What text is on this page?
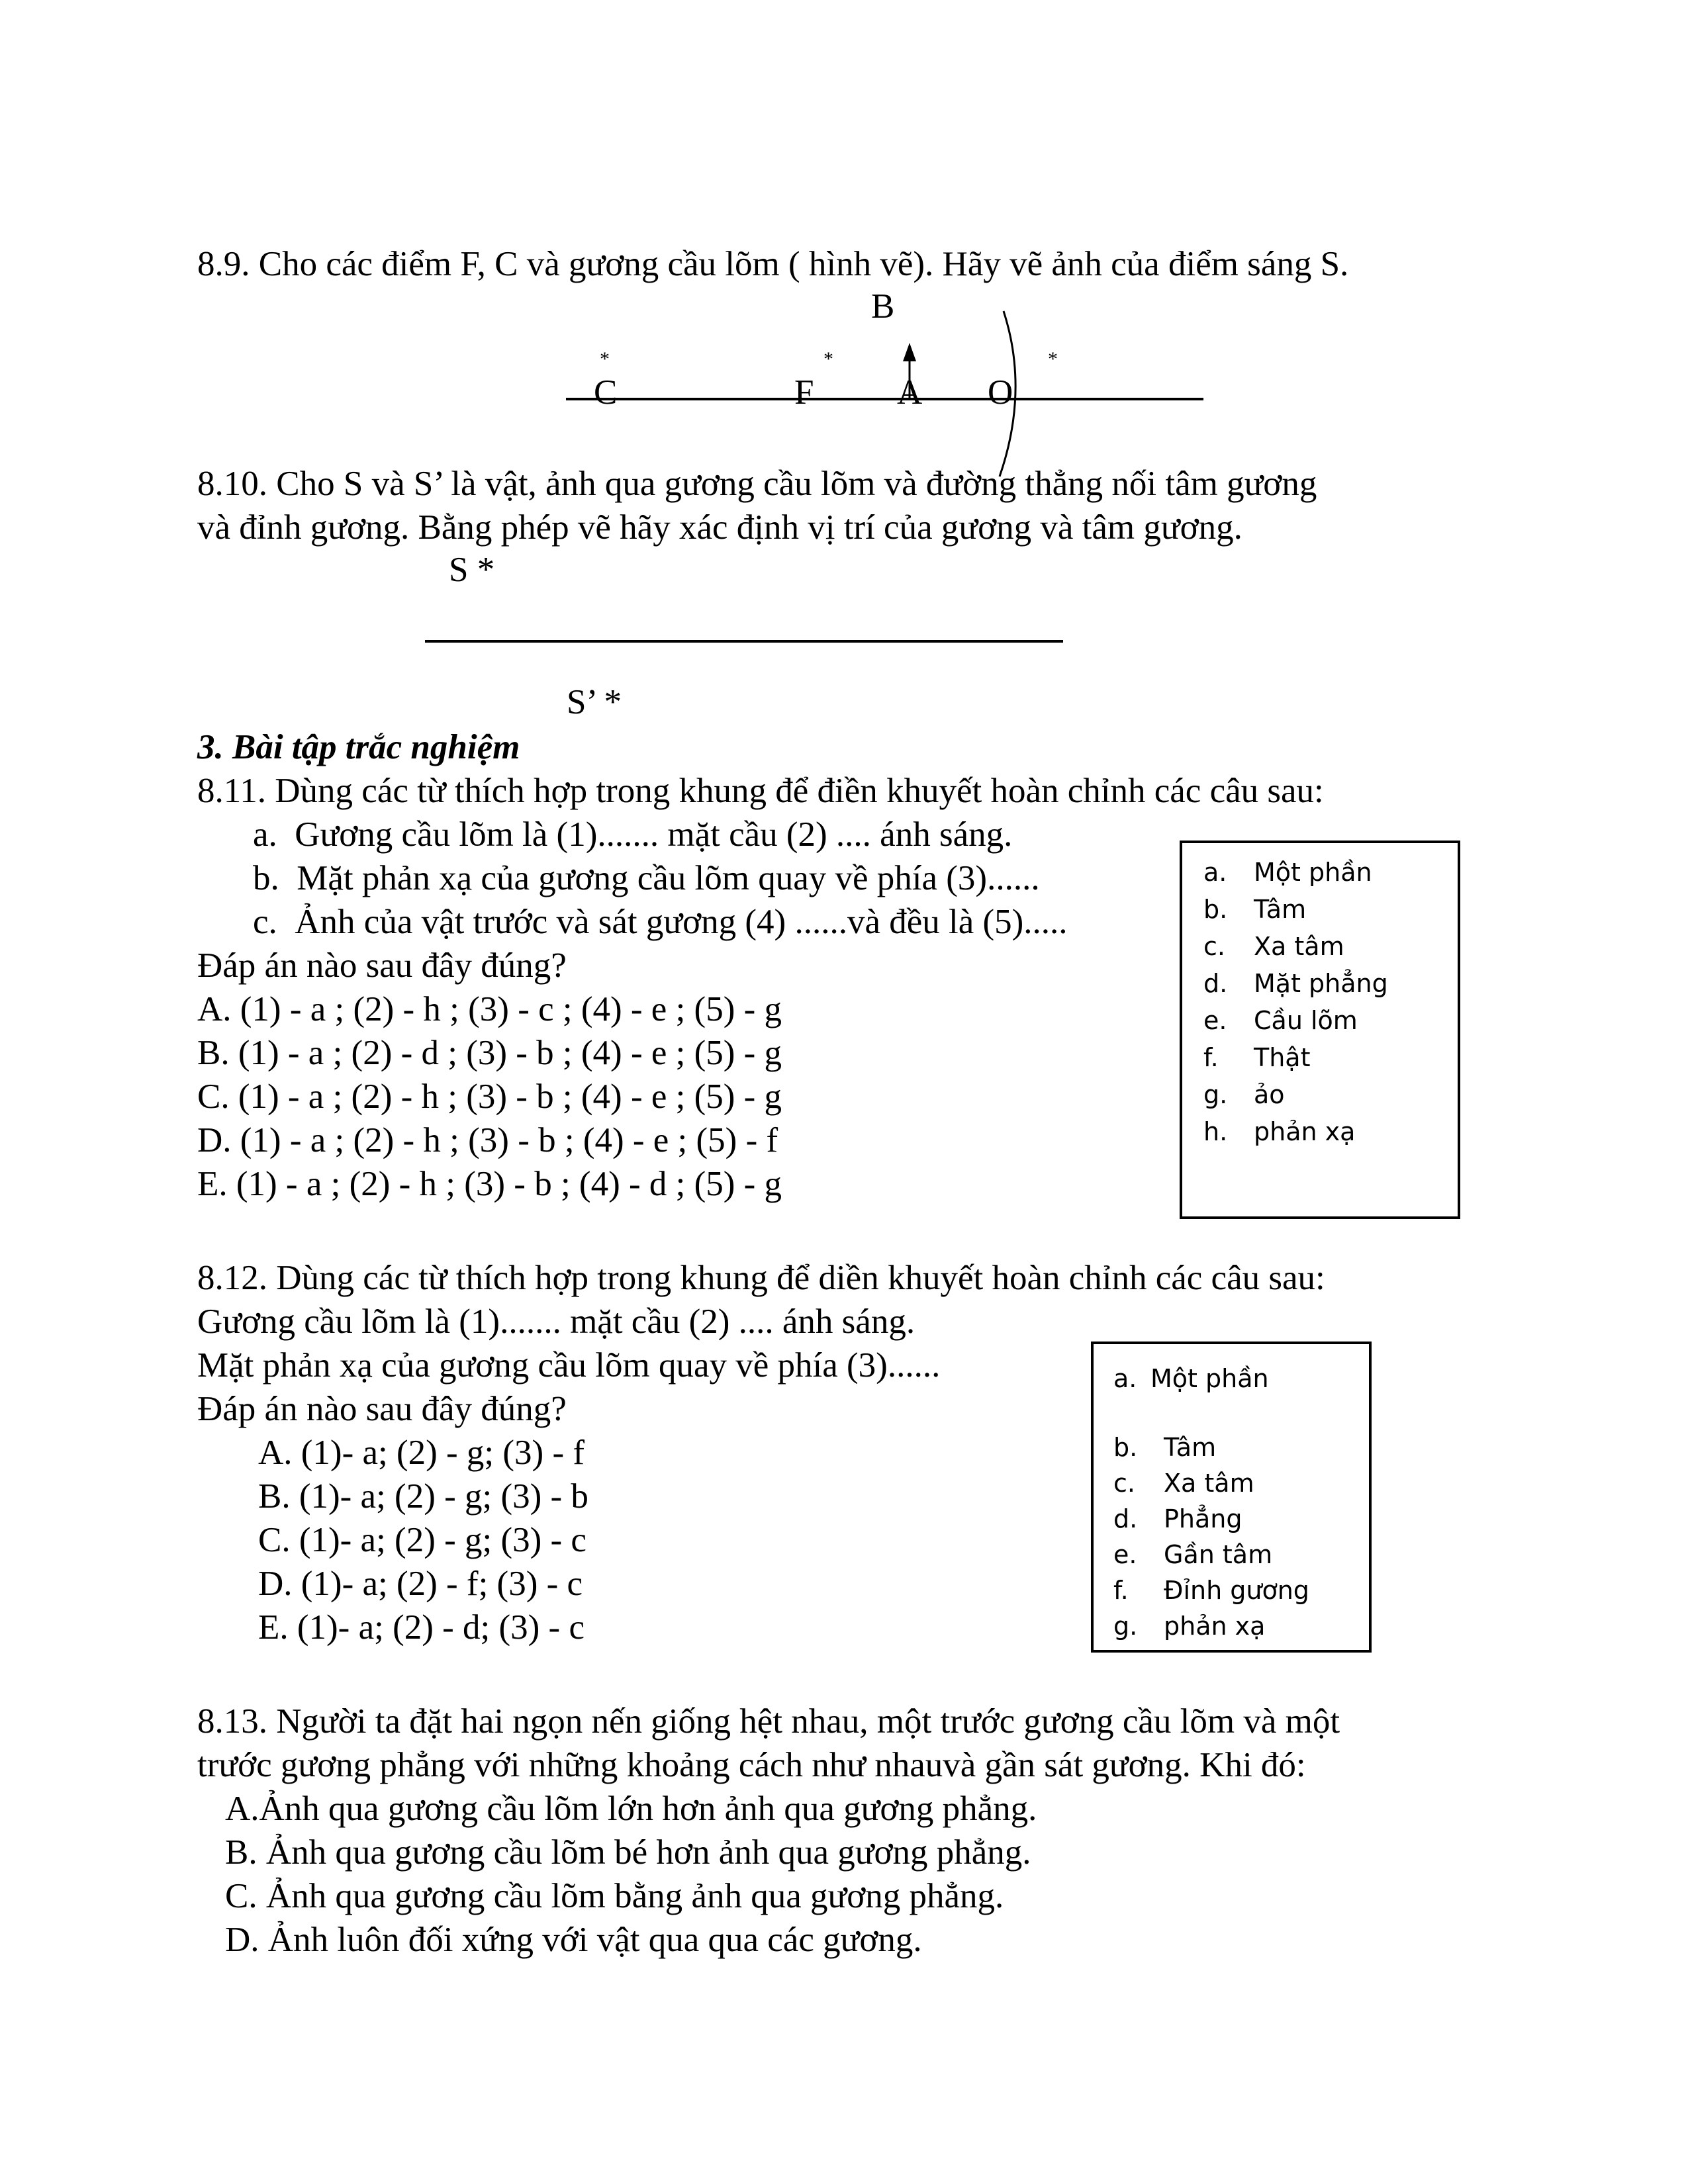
8.9. Cho các điểm F, C và gương cầu lõm ( hình vẽ). Hãy vẽ ảnh của điểm sáng S.
B
*	*	*
C	F A O
8.10. Cho S và S’ là vật, ảnh qua gương cầu lõm và đường thẳng nối tâm gương
và đỉnh gương. Bằng phép vẽ hãy xác định vị trí của gương và tâm gương.
S *
S’ *
3. Bài tập trắc nghiệm
8.11. Dùng các từ thích hợp trong khung để điền khuyết hoàn chỉnh các câu sau:
a. Gương cầu lõm là (1)....... mặt cầu (2) .... ánh sáng.
b. Mặt phản xạ của gương cầu lõm quay về phía (3)......
c. Ảnh của vật trước và sát gương (4) ......và đều là (5).....
Đáp án nào sau đây đúng?
A. (1) - a ; (2) - h ; (3) - c ; (4) - e ; (5) - g
B. (1) - a ; (2) - d ; (3) - b ; (4) - e ; (5) - g
C. (1) - a ; (2) - h ; (3) - b ; (4) - e ; (5) - g
D. (1) - a ; (2) - h ; (3) - b ; (4) - e ; (5) - f
E. (1) - a ; (2) - h ; (3) - b ; (4) - d ; (5) - g
a. Một phần
b. Tâm
c. Xa tâm
d. Mặt phẳng
e. Cầu lõm
f. Thật
g. ảo
h. phản xạ
8.12. Dùng các từ thích hợp trong khung để diền khuyết hoàn chỉnh các câu sau:
Gương cầu lõm là (1)....... mặt cầu (2) .... ánh sáng.
Mặt phản xạ của gương cầu lõm quay về phía (3)......
Đáp án nào sau đây đúng?
A. (1)- a; (2) - g; (3) - f
B. (1)- a; (2) - g; (3) - b
C. (1)- a; (2) - g; (3) - c
D. (1)- a; (2) - f; (3) - c
E. (1)- a; (2) - d; (3) - c
a. Một phần
b. Tâm
c. Xa tâm
d. Phẳng
e. Gần tâm
f. Đỉnh gương
g. phản xạ
8.13. Người ta đặt hai ngọn nến giống hệt nhau, một trước gương cầu lõm và một
trước gương phẳng với những khoảng cách như nhauvà gần sát gương. Khi đó:
A.Ảnh qua gương cầu lõm lớn hơn ảnh qua gương phẳng.
B. Ảnh qua gương cầu lõm bé hơn ảnh qua gương phẳng.
C. Ảnh qua gương cầu lõm bằng ảnh qua gương phẳng.
D. Ảnh luôn đối xứng với vật qua qua các gương.
